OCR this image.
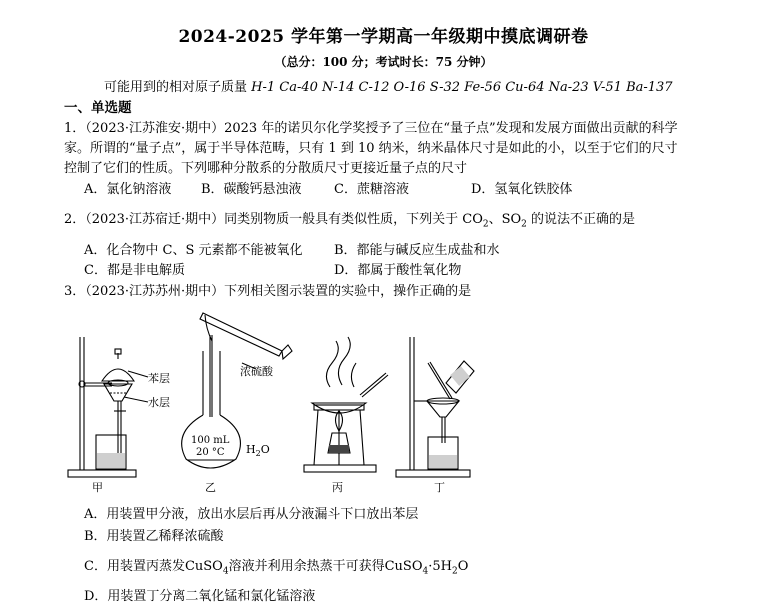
2024-2025 学年第一学期高一年级期中摸底调研卷
（总分：100 分；考试时长：75 分钟）
可能用到的相对原子质量 H-1 Ca-40 N-14 C-12 O-16 S-32 Fe-56 Cu-64 Na-23 V-51 Ba-137
一、单选题
1．（2023·江苏淮安·期中）2023 年的诺贝尔化学奖授予了三位在“量子点”发现和发展方面做出贡献的科学
家。所谓的“量子点”，属于半导体范畴，只有 1 到 10 纳米，纳米晶体尺寸是如此的小，以至于它们的尺寸
控制了它们的性质。下列哪种分散系的分散质尺寸更接近量子点的尺寸
A．氯化钠溶液 B．碳酸钙悬浊液 C．蔗糖溶液	D．氢氧化铁胶体
2．（2023·江苏宿迁·期中）同类别物质一般具有类似性质，下列关于 $CO_2$、$SO_2$ 的说法不正确的是
A．化合物中 C、S 元素都不能被氧化 B．都能与碱反应生成盐和水
C．都是非电解质	D．都属于酸性氧化物
3．（2023·江苏苏州·期中）下列相关图示装置的实验中，操作正确的是
苯层
水层
浓硫酸
100 mL
20 °C $H_2O$
甲	乙	丙	丁
A．用装置甲分液，放出水层后再从分液漏斗下口放出苯层
B．用装置乙稀释浓硫酸
C．用装置丙蒸发CuSO$_4$溶液并利用余热蒸干可获得$CuSO_4\cdot 5H_2O$
D．用装置丁分离二氧化锰和氯化锰溶液
